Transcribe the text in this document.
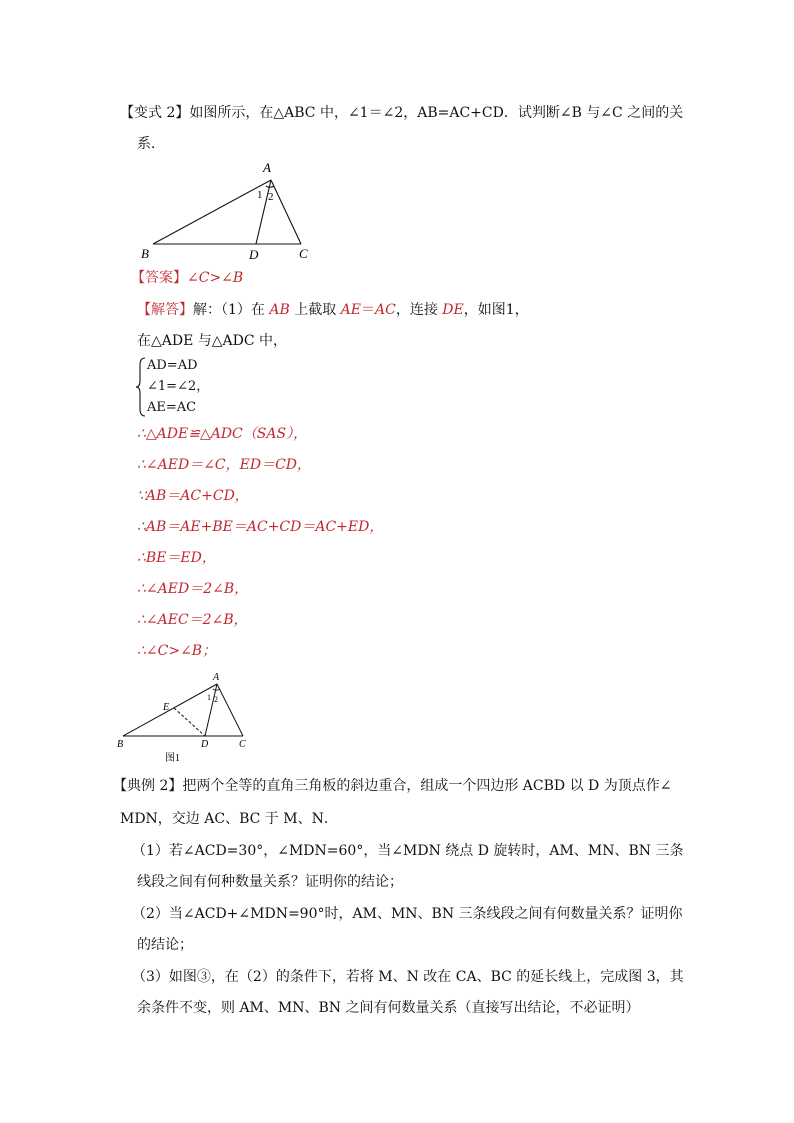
【变式 2】如图所示，在△ABC 中，∠1＝∠2，AB=AC+CD．试判断∠B 与∠C 之间的关
系．
A
B	D	C
1 2
【答案】∠C>∠B
【解答】解：（1）在 AB 上截取 AE＝AC，连接 DE，如图1，
在△ADE 与△ADC 中，
AD=AD
∠1=∠2，
AE=AC
∴△ADE≌△ADC（SAS），
∴∠AED＝∠C，ED＝CD，
∵AB＝AC+CD，
∴AB＝AE+BE＝AC+CD＝AC+ED，
∴BE＝ED，
∴∠AED＝2∠B，
∴∠AEC＝2∠B，
∴∠C>∠B；
A
E
B	D	C
1 2
图1
【典例 2】把两个全等的直角三角板的斜边重合，组成一个四边形 ACBD 以 D 为顶点作∠
MDN，交边 AC、BC 于 M、N．
（1）若∠ACD=30°，∠MDN=60°，当∠MDN 绕点 D 旋转时，AM、MN、BN 三条
线段之间有何种数量关系？证明你的结论；
（2）当∠ACD+∠MDN=90°时，AM、MN、BN 三条线段之间有何数量关系？证明你
的结论；
（3）如图③，在（2）的条件下，若将 M、N 改在 CA、BC 的延长线上，完成图 3，其
余条件不变，则 AM、MN、BN 之间有何数量关系（直接写出结论，不必证明）
